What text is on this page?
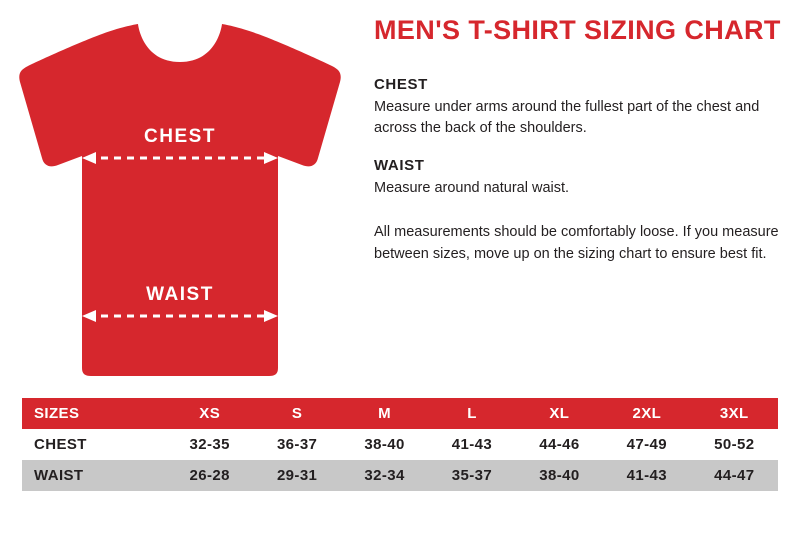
CHEST
WAIST
MEN'S T-SHIRT SIZING CHART
CHEST

Measure under arms around the fullest part of the chest and across the back of the shoulders.

WAIST

Measure around natural waist.

All measurements should be comfortably loose. If you measure between sizes, move up on the sizing chart to ensure best fit.
SIZES	XS	S	M	L	XL	2XL	3XL
CHEST	32-35	36-37	38-40	41-43	44-46	47-49	50-52
WAIST	26-28	29-31	32-34	35-37	38-40	41-43	44-47
